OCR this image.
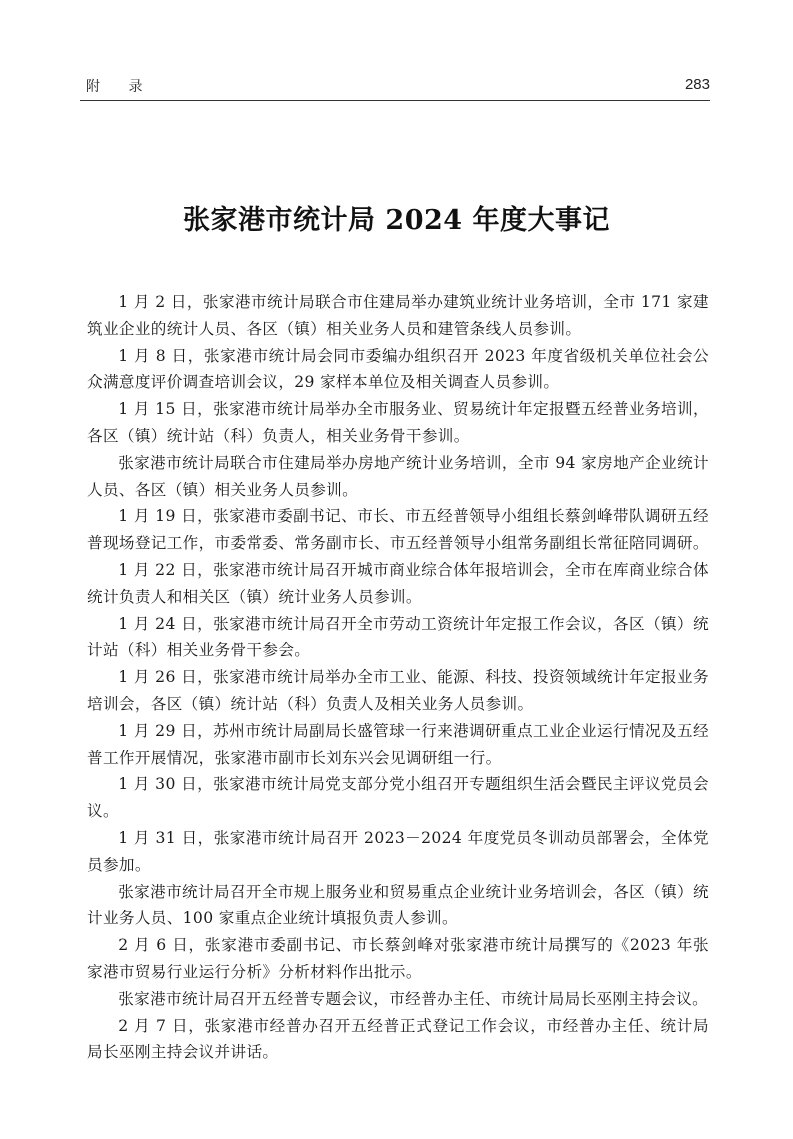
附 录	283
张家港市统计局 2024 年度大事记

1 月 2 日，张家港市统计局联合市住建局举办建筑业统计业务培训，全市 171 家建筑业企业的统计人员、各区（镇）相关业务人员和建管条线人员参训。

1 月 8 日，张家港市统计局会同市委编办组织召开 2023 年度省级机关单位社会公众满意度评价调查培训会议，29 家样本单位及相关调查人员参训。

1 月 15 日，张家港市统计局举办全市服务业、贸易统计年定报暨五经普业务培训，各区（镇）统计站（科）负责人，相关业务骨干参训。

张家港市统计局联合市住建局举办房地产统计业务培训，全市 94 家房地产企业统计人员、各区（镇）相关业务人员参训。

1 月 19 日，张家港市委副书记、市长、市五经普领导小组组长蔡剑峰带队调研五经普现场登记工作，市委常委、常务副市长、市五经普领导小组常务副组长常征陪同调研。

1 月 22 日，张家港市统计局召开城市商业综合体年报培训会，全市在库商业综合体统计负责人和相关区（镇）统计业务人员参训。

1 月 24 日，张家港市统计局召开全市劳动工资统计年定报工作会议，各区（镇）统计站（科）相关业务骨干参会。

1 月 26 日，张家港市统计局举办全市工业、能源、科技、投资领域统计年定报业务培训会，各区（镇）统计站（科）负责人及相关业务人员参训。

1 月 29 日，苏州市统计局副局长盛管球一行来港调研重点工业企业运行情况及五经普工作开展情况，张家港市副市长刘东兴会见调研组一行。

1 月 30 日，张家港市统计局党支部分党小组召开专题组织生活会暨民主评议党员会议。

1 月 31 日，张家港市统计局召开 2023－2024 年度党员冬训动员部署会，全体党员参加。

张家港市统计局召开全市规上服务业和贸易重点企业统计业务培训会，各区（镇）统计业务人员、100 家重点企业统计填报负责人参训。

2 月 6 日，张家港市委副书记、市长蔡剑峰对张家港市统计局撰写的《2023 年张家港市贸易行业运行分析》分析材料作出批示。

张家港市统计局召开五经普专题会议，市经普办主任、市统计局局长巫刚主持会议。

2 月 7 日，张家港市经普办召开五经普正式登记工作会议，市经普办主任、统计局局长巫刚主持会议并讲话。
